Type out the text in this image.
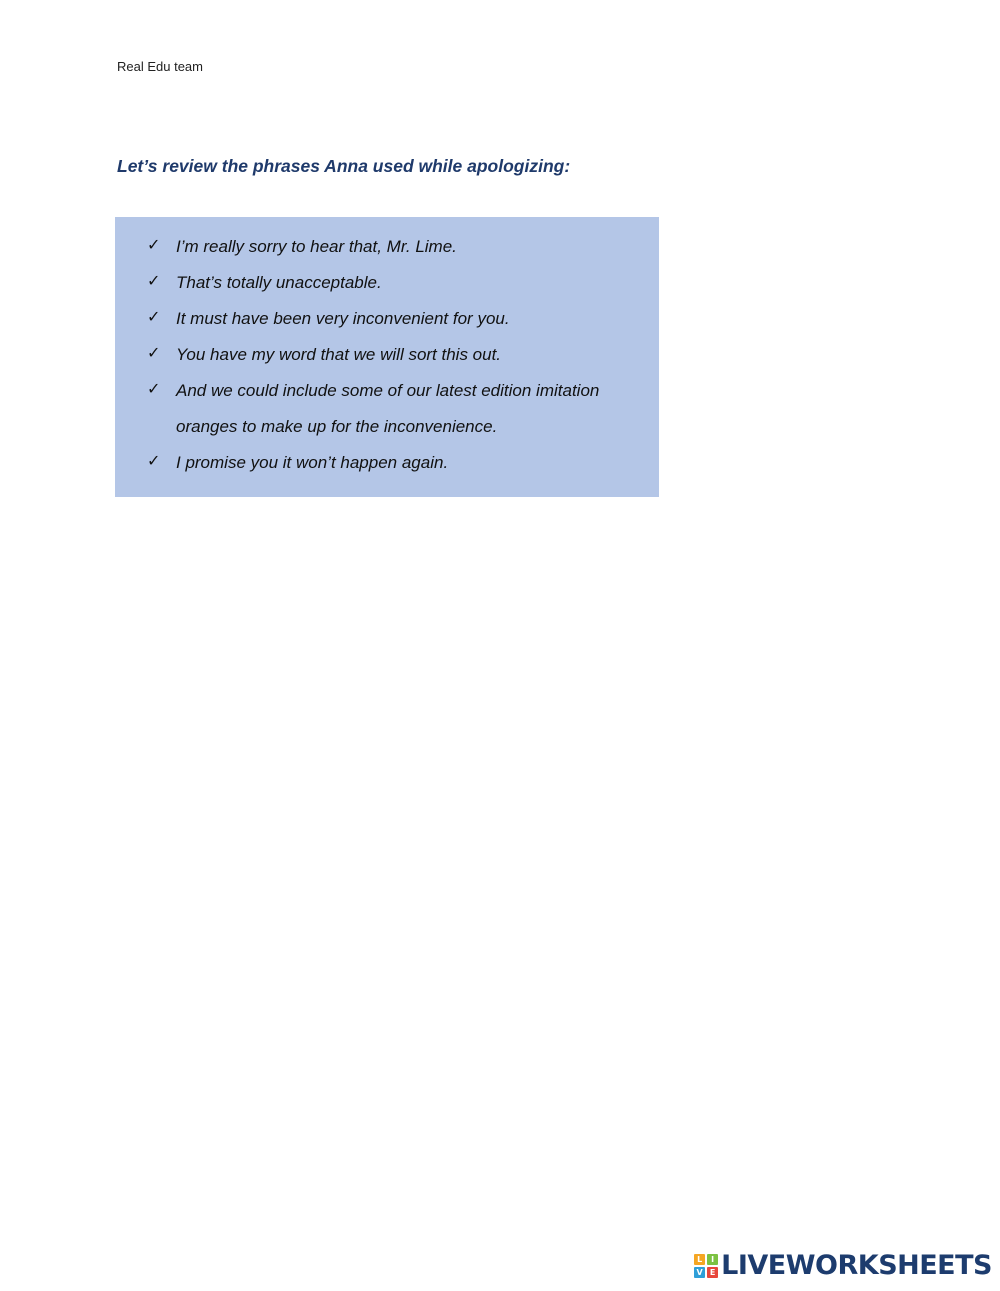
Real Edu team
Let’s review the phrases Anna used while apologizing:
✓ I’m really sorry to hear that, Mr. Lime.
✓ That’s totally unacceptable.
✓ It must have been very inconvenient for you.
✓ You have my word that we will sort this out.
✓ And we could include some of our latest edition imitation oranges to make up for the inconvenience.
✓ I promise you it won’t happen again.
L	I
V E LIVEWORKSHEETS
